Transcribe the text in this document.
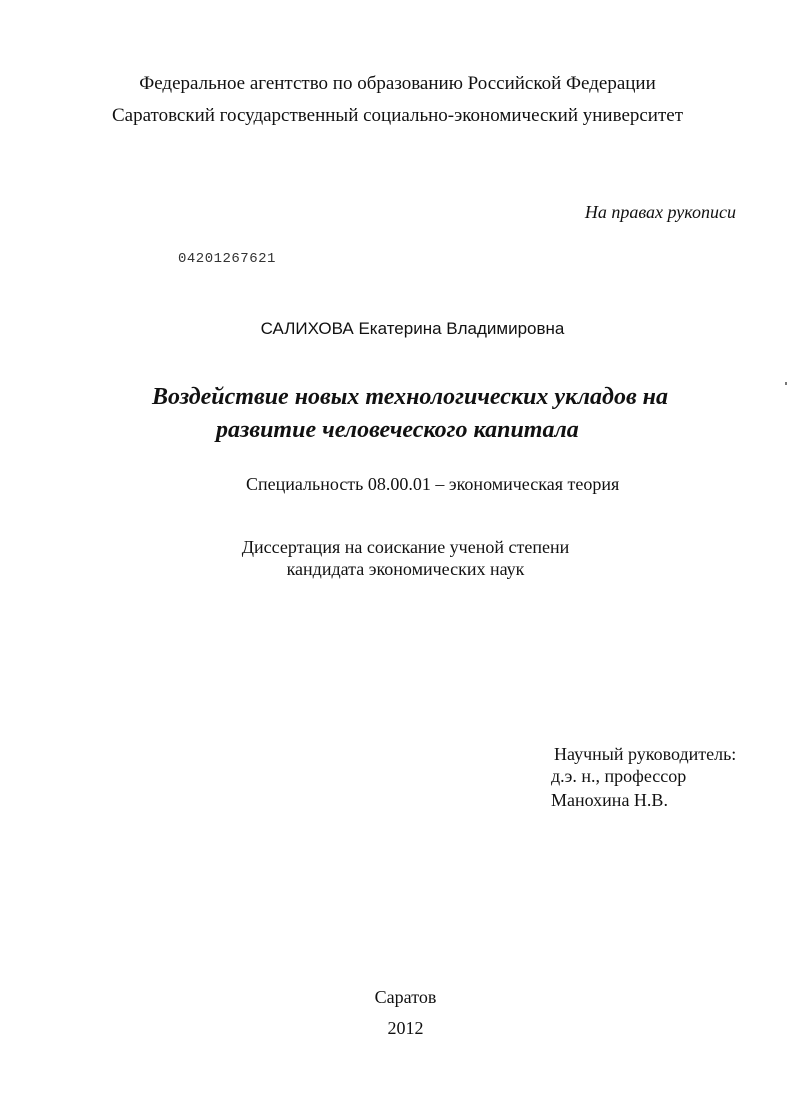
Федеральное агентство по образованию Российской Федерации
Саратовский государственный социально-экономический университет
На правах рукописи
04201267621
САЛИХОВА Екатерина Владимировна
Воздействие новых технологических укладов на
развитие человеческого капитала
Специальность 08.00.01 – экономическая теория
Диссертация на соискание ученой степени
кандидата экономических наук
Научный руководитель:
д.э. н., профессор
Манохина Н.В.
Саратов
2012
